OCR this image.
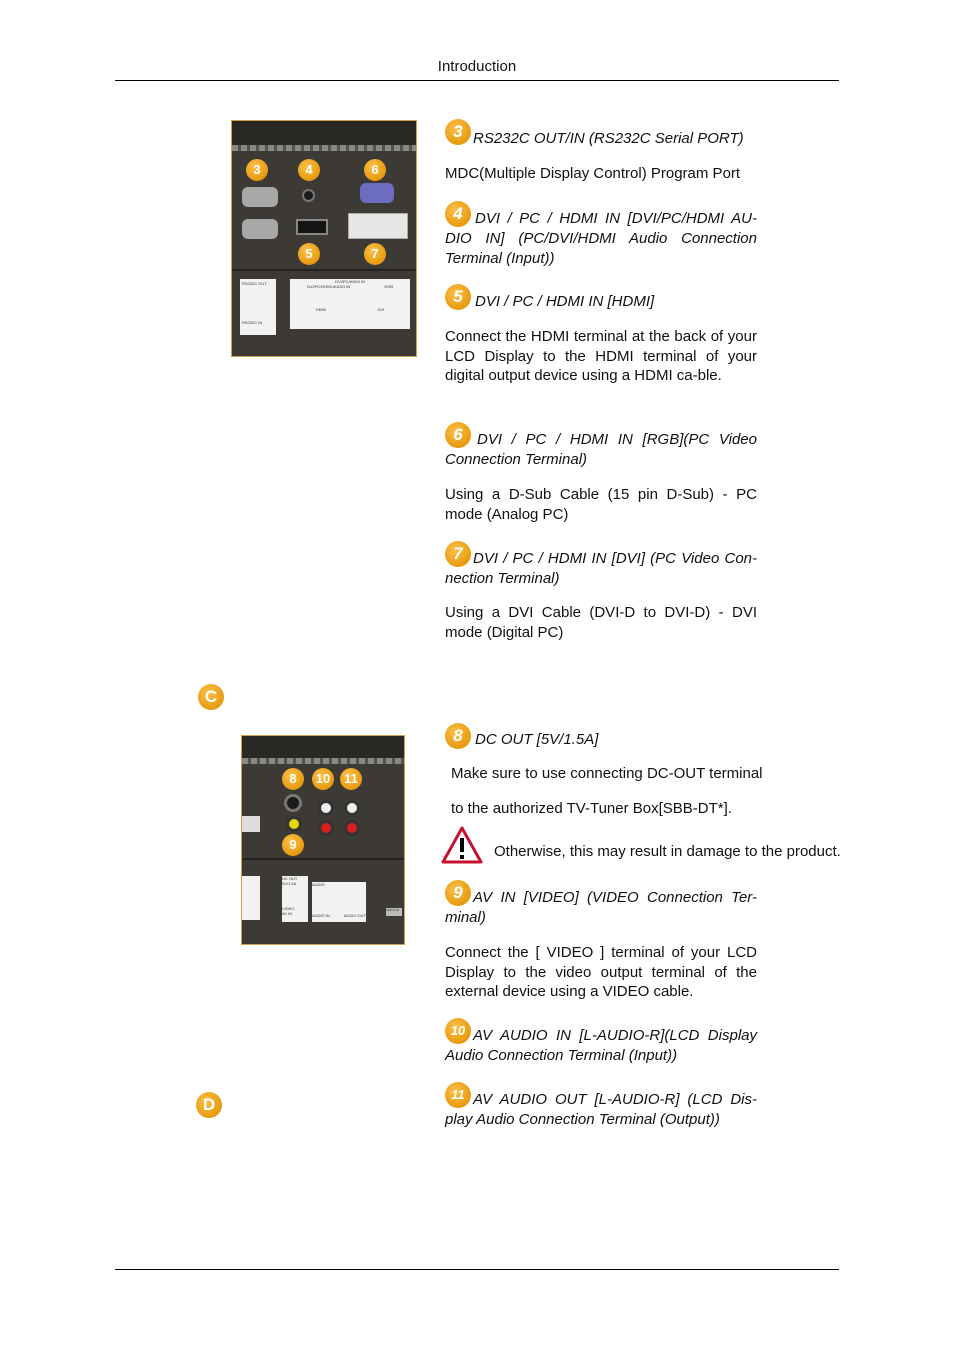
Introduction
3	4	6
5	7
RS232C OUT
RS232C IN
DVI/PC/HDMI IN
DVI/PC/HDMI AUDIO IN	RGB
HDMI	DVI
3 RS232C OUT/IN (RS232C Serial PORT)
MDC(Multiple Display Control) Program Port
4 DVI / PC / HDMI IN [DVI/PC/HDMI AU-DIO IN] (PC/DVI/HDMI Audio Connection Terminal (Input))
5 DVI / PC / HDMI IN [HDMI]
Connect the HDMI terminal at the back of your LCD Display to the HDMI terminal of your digital output device using a HDMI ca-ble.
6 DVI / PC / HDMI IN [RGB](PC Video Connection Terminal)
Using a D-Sub Cable (15 pin D-Sub) - PC mode (Analog PC)
7 DVI / PC / HDMI IN [DVI] (PC Video Con-nection Terminal)
Using a DVI Cable (DVI-D to DVI-D) - DVI mode (Digital PC)
C
8	10	11
9
DC OUT 5V/1.5A
VIDEO
AV IN
AUDIO
AUDIO IN	AUDIO OUT
SERVICE
8 DC OUT [5V/1.5A]
Make sure to use connecting DC-OUT terminal
to the authorized TV-Tuner Box[SBB-DT*].
Otherwise, this may result in damage to the product.
9 AV IN [VIDEO] (VIDEO Connection Ter-minal)
Connect the [ VIDEO ] terminal of your LCD Display to the video output terminal of the external device using a VIDEO cable.
10 AV AUDIO IN [L-AUDIO-R](LCD Display Audio Connection Terminal (Input))
D
11 AV AUDIO OUT [L-AUDIO-R] (LCD Dis-play Audio Connection Terminal (Output))
